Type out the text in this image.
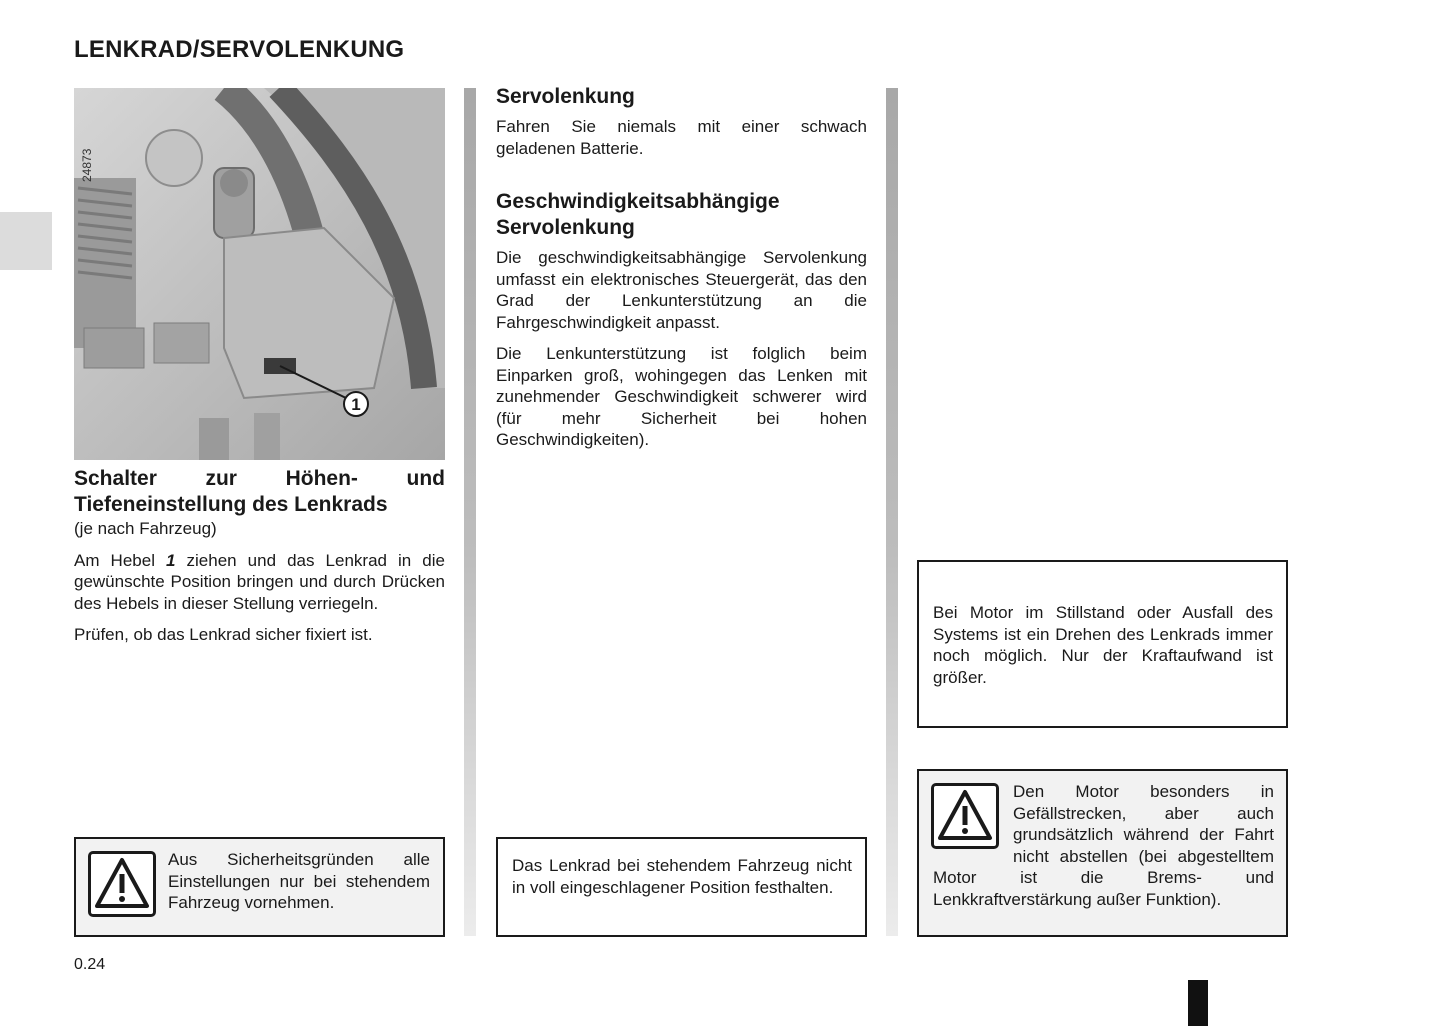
LENKRAD/SERVOLENKUNG
1
24873
Schalter zur Höhen- und Tiefeneinstellung des Lenkrads
(je nach Fahrzeug)

Am Hebel 1 ziehen und das Lenkrad in die gewünschte Position bringen und durch Drücken des Hebels in dieser Stellung verriegeln.

Prüfen, ob das Lenkrad sicher fixiert ist.

Aus Sicherheitsgründen alle Einstellungen nur bei stehendem Fahrzeug vornehmen.
Servolenkung

Fahren Sie niemals mit einer schwach geladenen Batterie.

Geschwindigkeitsabhängige Servolenkung

Die geschwindigkeitsabhängige Servolenkung umfasst ein elektronisches Steuergerät, das den Grad der Lenkunterstützung an die Fahrgeschwindigkeit anpasst.

Die Lenkunterstützung ist folglich beim Einparken groß, wohingegen das Lenken mit zunehmender Geschwindigkeit schwerer wird (für mehr Sicherheit bei hohen Geschwindigkeiten).

Das Lenkrad bei stehendem Fahrzeug nicht in voll eingeschlagener Position festhalten.
Bei Motor im Stillstand oder Ausfall des Systems ist ein Drehen des Lenkrads immer noch möglich. Nur der Kraftaufwand ist größer.
Den Motor besonders in Gefällstrecken, aber auch grundsätzlich während der Fahrt nicht abstellen (bei abgestelltem Motor ist die Brems- und Lenkkraftverstärkung außer Funktion).
0.24
